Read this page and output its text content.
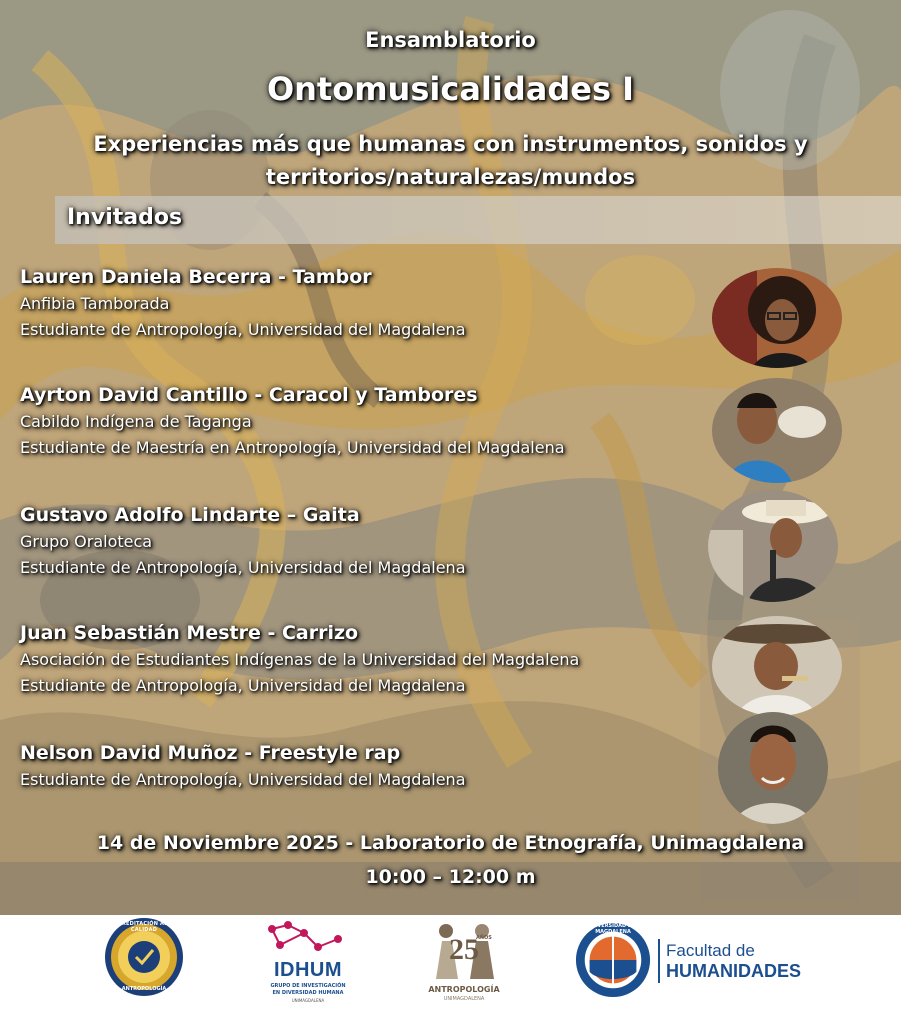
Ensamblatorio
Ontomusicalidades I
Experiencias más que humanas con instrumentos, sonidos y territorios/naturalezas/mundos
Invitados
Lauren Daniela Becerra - Tambor
Anfibia Tamborada
Estudiante de Antropología, Universidad del Magdalena
Ayrton David Cantillo - Caracol y Tambores
Cabildo Indígena de Taganga
Estudiante de Maestría en Antropología, Universidad del Magdalena
Gustavo Adolfo Lindarte – Gaita
Grupo Oraloteca
Estudiante de Antropología, Universidad del Magdalena
Juan Sebastián Mestre - Carrizo
Asociación de Estudiantes Indígenas de la Universidad del Magdalena
Estudiante de Antropología, Universidad del Magdalena
Nelson David Muñoz - Freestyle rap
Estudiante de Antropología, Universidad del Magdalena
14 de Noviembre 2025 - Laboratorio de Etnografía, Unimagdalena
10:00 – 12:00 m
ACREDITACIÓN ALTA CALIDAD
ANTROPOLOGÍA
IDHUM
GRUPO DE INVESTIGACIÓN
EN DIVERSIDAD HUMANA
UNIMAGDALENA
25
AÑOS
ANTROPOLOGÍA
UNIMAGDALENA
UNIVERSIDAD DEL MAGDALENA
Facultad de
HUMANIDADES
